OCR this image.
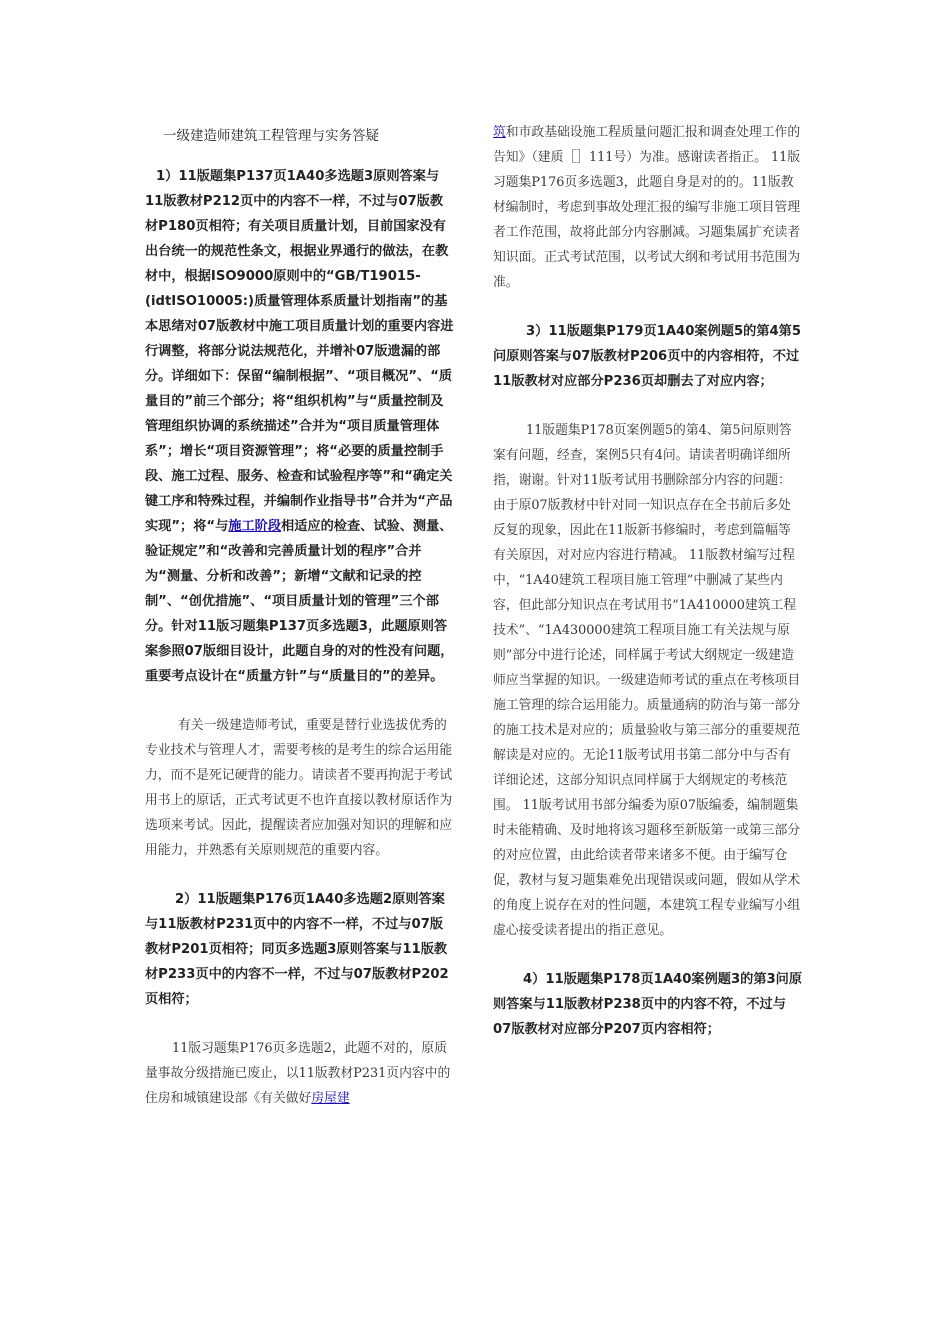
一级建造师建筑工程管理与实务答疑

1）11版题集P137页1A40多选题3原则答案与11版教材P212页中的内容不一样，不过与07版教材P180页相符；有关项目质量计划，目前国家没有出台统一的规范性条文，根据业界通行的做法，在教材中，根据ISO9000原则中的“GB/T19015- (idtISO10005:)质量管理体系质量计划指南”的基本思绪对07版教材中施工项目质量计划的重要内容进行调整，将部分说法规范化，并增补07版遗漏的部分。详细如下：保留“编制根据”、“项目概况”、“质量目的”前三个部分；将“组织机构”与“质量控制及管理组织协调的系统描述”合并为“项目质量管理体系”；增长“项目资源管理”；将“必要的质量控制手段、施工过程、服务、检查和试验程序等”和“确定关键工序和特殊过程，并编制作业指导书”合并为“产品实现”；将“与施工阶段相适应的检查、试验、测量、验证规定”和“改善和完善质量计划的程序”合并为“测量、分析和改善”；新增“文献和记录的控制”、“创优措施”、“项目质量计划的管理”三个部分。针对11版习题集P137页多选题3，此题原则答案参照07版细目设计，此题自身的对的性没有问题，重要考点设计在“质量方针”与“质量目的”的差异。

有关一级建造师考试，重要是替行业选拔优秀的专业技术与管理人才，需要考核的是考生的综合运用能力，而不是死记硬背的能力。请读者不要再拘泥于考试用书上的原话，正式考试更不也许直接以教材原话作为选项来考试。因此，提醒读者应加强对知识的理解和应用能力，并熟悉有关原则规范的重要内容。

2）11版题集P176页1A40多选题2原则答案与11版教材P231页中的内容不一样，不过与07版教材P201页相符；同页多选题3原则答案与11版教材P233页中的内容不一样，不过与07版教材P202页相符；

11版习题集P176页多选题2，此题不对的，原质量事故分级措施已废止，以11版教材P231页内容中的住房和城镇建设部《有关做好房屋建

筑和市政基础设施工程质量问题汇报和调查处理工作的告知》（建质［］111号）为准。感谢读者指正。 11版习题集P176页多选题3，此题自身是对的的。11版教材编制时，考虑到事故处理汇报的编写非施工项目管理者工作范围，故将此部分内容删减。习题集属扩充读者知识面。正式考试范围，以考试大纲和考试用书范围为准。

3）11版题集P179页1A40案例题5的第4第5问原则答案与07版教材P206页中的内容相符，不过11版教材对应部分P236页却删去了对应内容；

11版题集P178页案例题5的第4、第5问原则答案有问题，经查，案例5只有4问。请读者明确详细所指，谢谢。针对11版考试用书删除部分内容的问题：由于原07版教材中针对同一知识点存在全书前后多处反复的现象，因此在11版新书修编时，考虑到篇幅等有关原因，对对应内容进行精减。 11版教材编写过程中，“1A40建筑工程项目施工管理”中删减了某些内容，但此部分知识点在考试用书“1A410000建筑工程技术”、“1A430000建筑工程项目施工有关法规与原则”部分中进行论述，同样属于考试大纲规定一级建造师应当掌握的知识。一级建造师考试的重点在考核项目施工管理的综合运用能力。质量通病的防治与第一部分的施工技术是对应的；质量验收与第三部分的重要规范解读是对应的。无论11版考试用书第二部分中与否有详细论述，这部分知识点同样属于大纲规定的考核范围。 11版考试用书部分编委为原07版编委，编制题集时未能精确、及时地将该习题移至新版第一或第三部分的对应位置，由此给读者带来诸多不便。由于编写仓促，教材与复习题集难免出现错误或问题，假如从学术的角度上说存在对的性问题，本建筑工程专业编写小组虚心接受读者提出的指正意见。

4）11版题集P178页1A40案例题3的第3问原则答案与11版教材P238页中的内容不符，不过与07版教材对应部分P207页内容相符；
